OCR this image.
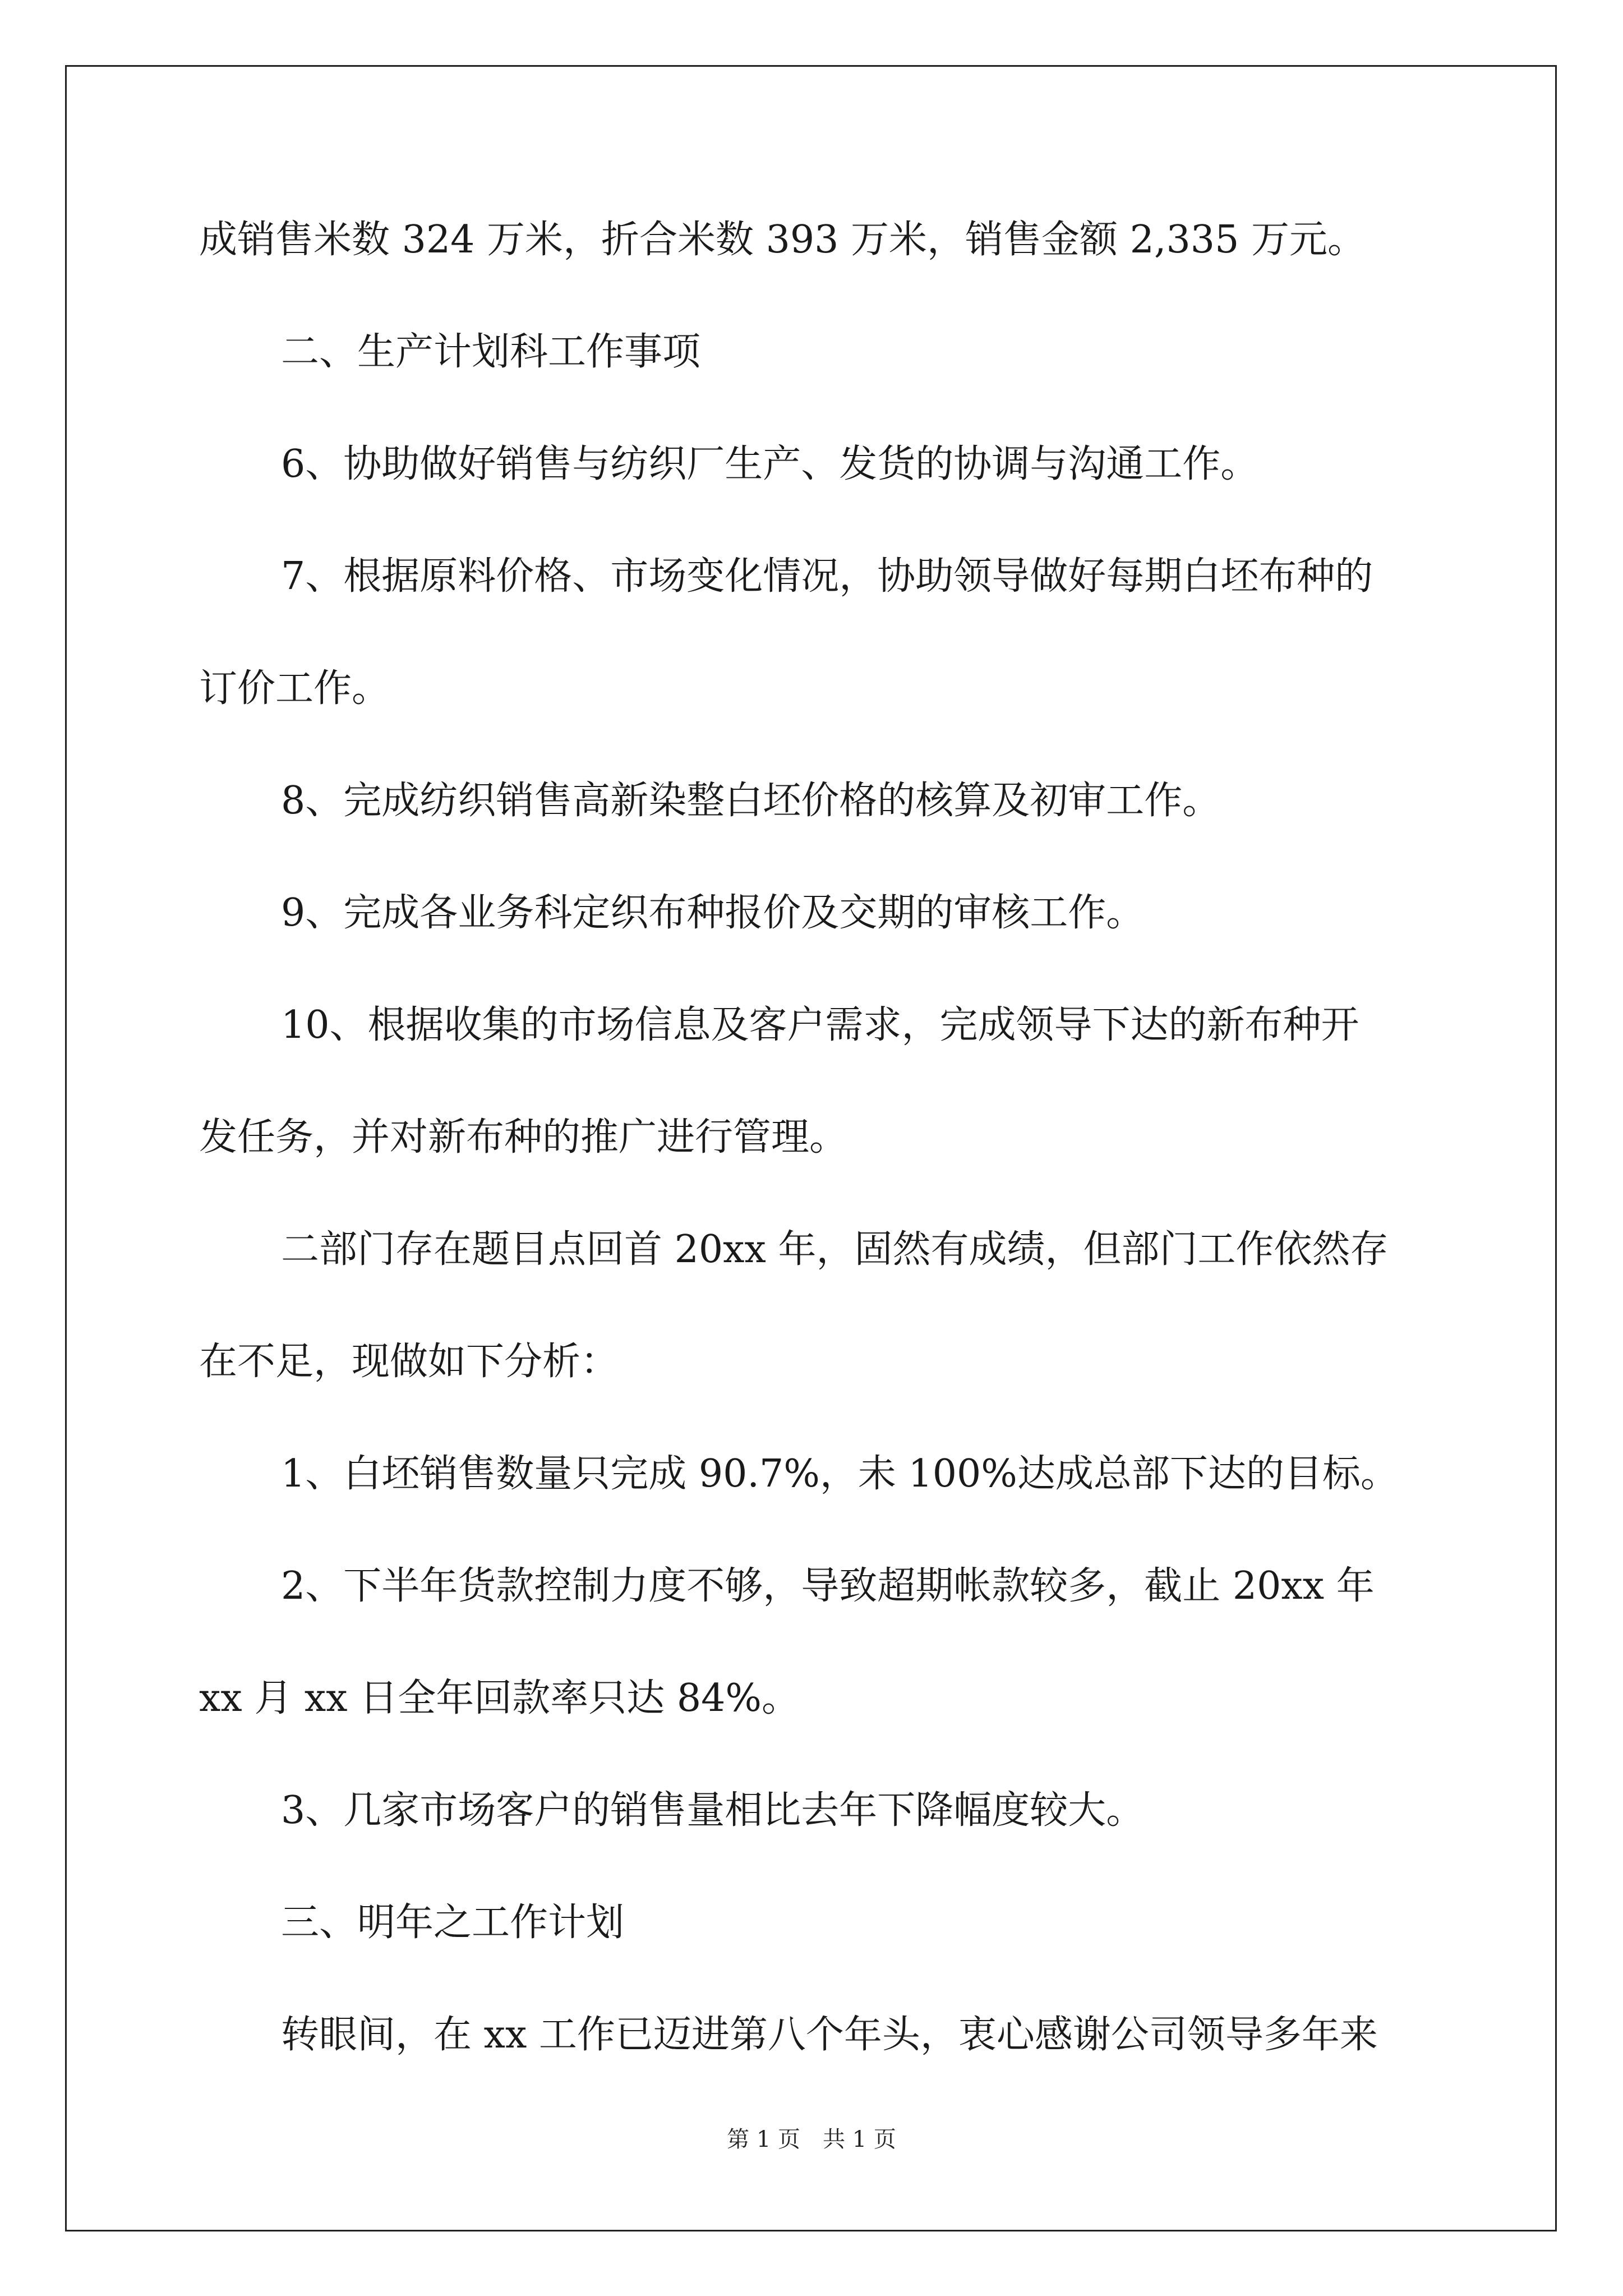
成销售米数 324 万米，折合米数 393 万米，销售金额 2,335 万元。
二、生产计划科工作事项
6、协助做好销售与纺织厂生产、发货的协调与沟通工作。
7、根据原料价格、市场变化情况，协助领导做好每期白坯布种的
订价工作。
8、完成纺织销售高新染整白坯价格的核算及初审工作。
9、完成各业务科定织布种报价及交期的审核工作。
10、根据收集的市场信息及客户需求，完成领导下达的新布种开
发任务，并对新布种的推广进行管理。
二部门存在题目点回首 20xx 年，固然有成绩，但部门工作依然存
在不足，现做如下分析：
1、白坯销售数量只完成 90.7%，未 100%达成总部下达的目标。
2、下半年货款控制力度不够，导致超期帐款较多，截止 20xx 年
xx 月 xx 日全年回款率只达 84%。
3、几家市场客户的销售量相比去年下降幅度较大。
三、明年之工作计划
转眼间，在 xx 工作已迈进第八个年头，衷心感谢公司领导多年来
第 1 页　共 1 页
